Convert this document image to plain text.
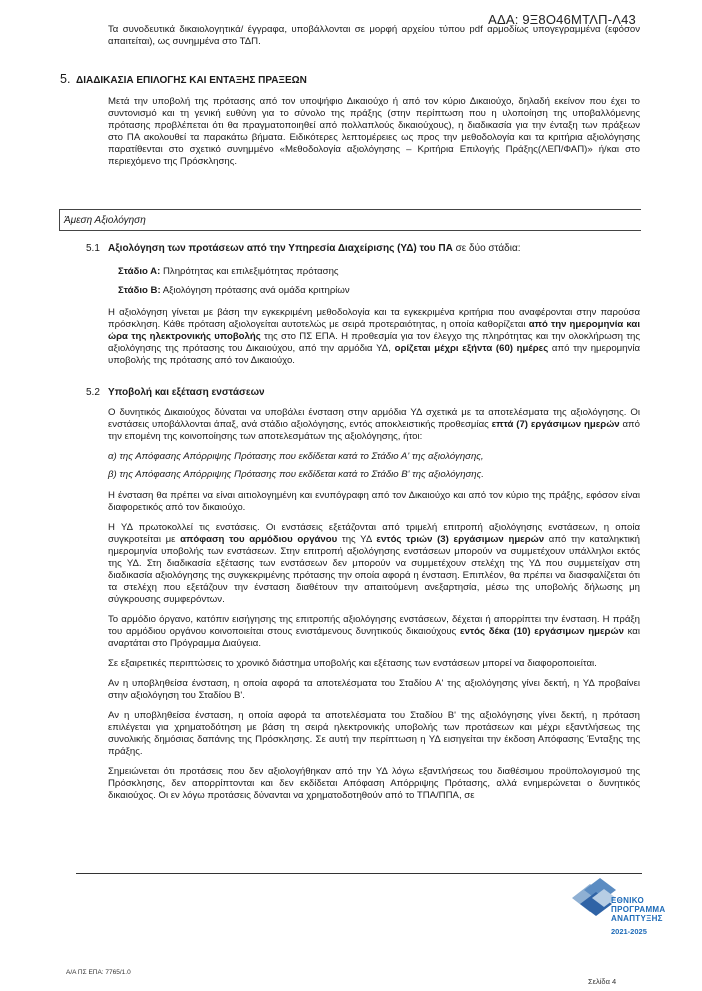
ΑΔΑ: 9Ξ8Ο46ΜΤΛΠ-Λ43

Τα συνοδευτικά δικαιολογητικά/ έγγραφα, υποβάλλονται σε μορφή αρχείου τύπου pdf αρμοδίως υπογεγραμμένα (εφόσον απαιτείται), ως συνημμένα στο ΤΔΠ.

5. ΔΙΑΔΙΚΑΣΙΑ ΕΠΙΛΟΓΗΣ ΚΑΙ ΕΝΤΑΞΗΣ ΠΡΑΞΕΩΝ

Μετά την υποβολή της πρότασης από τον υποψήφιο Δικαιούχο ή από τον κύριο Δικαιούχο, δηλαδή εκείνον που έχει το συντονισμό και τη γενική ευθύνη για το σύνολο της πράξης (στην περίπτωση που η υλοποίηση της υποβαλλόμενης πρότασης προβλέπεται ότι θα πραγματοποιηθεί από πολλαπλούς δικαιούχους), η διαδικασία για την ένταξη των πράξεων στο ΠΑ ακολουθεί τα παρακάτω βήματα. Ειδικότερες λεπτομέρειες ως προς την μεθοδολογία και τα κριτήρια αξιολόγησης παρατίθενται στο σχετικό συνημμένο «Μεθοδολογία αξιολόγησης – Κριτήρια Επιλογής Πράξης(ΛΕΠ/ΦΑΠ)» ή/και στο περιεχόμενο της Πρόσκλησης.

Άμεση Αξιολόγηση
5.1 Αξιολόγηση των προτάσεων από την Υπηρεσία Διαχείρισης (ΥΔ) του ΠΑ σε δύο στάδια:
Στάδιο Α: Πληρότητας και επιλεξιμότητας πρότασης
Στάδιο Β: Αξιολόγηση πρότασης ανά ομάδα κριτηρίων

Η αξιολόγηση γίνεται με βάση την εγκεκριμένη μεθοδολογία και τα εγκεκριμένα κριτήρια που αναφέρονται στην παρούσα πρόσκληση. Κάθε πρόταση αξιολογείται αυτοτελώς με σειρά προτεραιότητας, η οποία καθορίζεται από την ημερομηνία και ώρα της ηλεκτρονικής υποβολής της στο ΠΣ ΕΠΑ. Η προθεσμία για τον έλεγχο της πληρότητας και την ολοκλήρωση της αξιολόγησης της πρότασης του Δικαιούχου, από την αρμόδια ΥΔ, ορίζεται μέχρι εξήντα (60) ημέρες από την ημερομηνία υποβολής της πρότασης από τον Δικαιούχο.

5.2 Υποβολή και εξέταση ενστάσεων

Ο δυνητικός Δικαιούχος δύναται να υποβάλει ένσταση στην αρμόδια ΥΔ σχετικά με τα αποτελέσματα της αξιολόγησης. Οι ενστάσεις υποβάλλονται άπαξ, ανά στάδιο αξιολόγησης, εντός αποκλειστικής προθεσμίας επτά (7) εργάσιμων ημερών από την επομένη της κοινοποίησης των αποτελεσμάτων της αξιολόγησης, ήτοι:

α) της Απόφασης Απόρριψης Πρότασης που εκδίδεται κατά το Στάδιο Α' της αξιολόγησης,

β) της Απόφασης Απόρριψης Πρότασης που εκδίδεται κατά το Στάδιο Β' της αξιολόγησης.

Η ένσταση θα πρέπει να είναι αιτιολογημένη και ενυπόγραφη από τον Δικαιούχο και από τον κύριο της πράξης, εφόσον είναι διαφορετικός από τον δικαιούχο.

Η ΥΔ πρωτοκολλεί τις ενστάσεις. Οι ενστάσεις εξετάζονται από τριμελή επιτροπή αξιολόγησης ενστάσεων, η οποία συγκροτείται με απόφαση του αρμόδιου οργάνου της ΥΔ εντός τριών (3) εργάσιμων ημερών από την καταληκτική ημερομηνία υποβολής των ενστάσεων. Στην επιτροπή αξιολόγησης ενστάσεων μπορούν να συμμετέχουν υπάλληλοι εκτός της ΥΔ. Στη διαδικασία εξέτασης των ενστάσεων δεν μπορούν να συμμετέχουν στελέχη της ΥΔ που συμμετείχαν στη διαδικασία αξιολόγησης της συγκεκριμένης πρότασης την οποία αφορά η ένσταση. Επιπλέον, θα πρέπει να διασφαλίζεται ότι τα στελέχη που εξετάζουν την ένσταση διαθέτουν την απαιτούμενη ανεξαρτησία, μέσω της υποβολής δήλωσης μη σύγκρουσης συμφερόντων.

Το αρμόδιο όργανο, κατόπιν εισήγησης της επιτροπής αξιολόγησης ενστάσεων, δέχεται ή απορρίπτει την ένσταση. Η πράξη του αρμόδιου οργάνου κοινοποιείται στους ενιστάμενους δυνητικούς δικαιούχους εντός δέκα (10) εργάσιμων ημερών και αναρτάται στο Πρόγραμμα Διαύγεια.

Σε εξαιρετικές περιπτώσεις το χρονικό διάστημα υποβολής και εξέτασης των ενστάσεων μπορεί να διαφοροποιείται.

Αν η υποβληθείσα ένσταση, η οποία αφορά τα αποτελέσματα του Σταδίου Α' της αξιολόγησης γίνει δεκτή, η ΥΔ προβαίνει στην αξιολόγηση του Σταδίου Β'.

Αν η υποβληθείσα ένσταση, η οποία αφορά τα αποτελέσματα του Σταδίου Β' της αξιολόγησης γίνει δεκτή, η πρόταση επιλέγεται για χρηματοδότηση με βάση τη σειρά ηλεκτρονικής υποβολής των προτάσεων και μέχρι εξαντλήσεως της συνολικής δημόσιας δαπάνης της Πρόσκλησης. Σε αυτή την περίπτωση η ΥΔ εισηγείται την έκδοση Απόφασης Ένταξης της πράξης.

Σημειώνεται ότι προτάσεις που δεν αξιολογήθηκαν από την ΥΔ λόγω εξαντλήσεως του διαθέσιμου προϋπολογισμού της Πρόσκλησης, δεν απορρίπτονται και δεν εκδίδεται Απόφαση Απόρριψης Πρότασης, αλλά ενημερώνεται ο δυνητικός δικαιούχος. Οι εν λόγω προτάσεις δύνανται να χρηματοδοτηθούν από το ΤΠΑ/ΠΠΑ, σε

ΕΘΝΙΚΟ
ΠΡΟΓΡΑΜΜΑ
ΑΝΑΠΤΥΞΗΣ
2021-2025
Α/Α ΠΣ ΕΠΑ: 7765/1.0
Σελίδα 4
